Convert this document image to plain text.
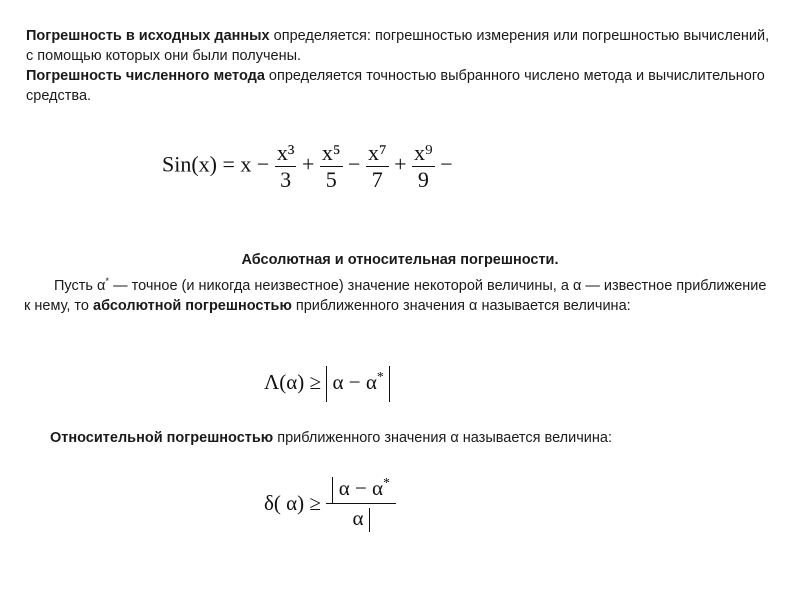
Погрешность в исходных данных определяется: погрешностью измерения или погрешностью вычислений, с помощью которых они были получены.
Погрешность численного метода определяется точностью выбранного числено метода и вычислительного средства.

$Sin(x) = x - \frac{\text{x³}}{3} + \frac{\text{x⁵}}{5} - \frac{\text{x⁷}}{7} + \frac{\text{x⁹}}{9}$ −⃞
Абсолютная и относительная погрешности.

Пусть α* — точное (и никогда неизвестное) значение некоторой величины, а α — известное приближение к нему, то абсолютной погрешностью приближенного значения α называется величина:

Λ(α) ≥ α − α*

Относительной погрешностью приближенного значения α называется величина:

δ( $\alpha) \ge \frac{\alpha - \alpha^*}{\alpha}$
